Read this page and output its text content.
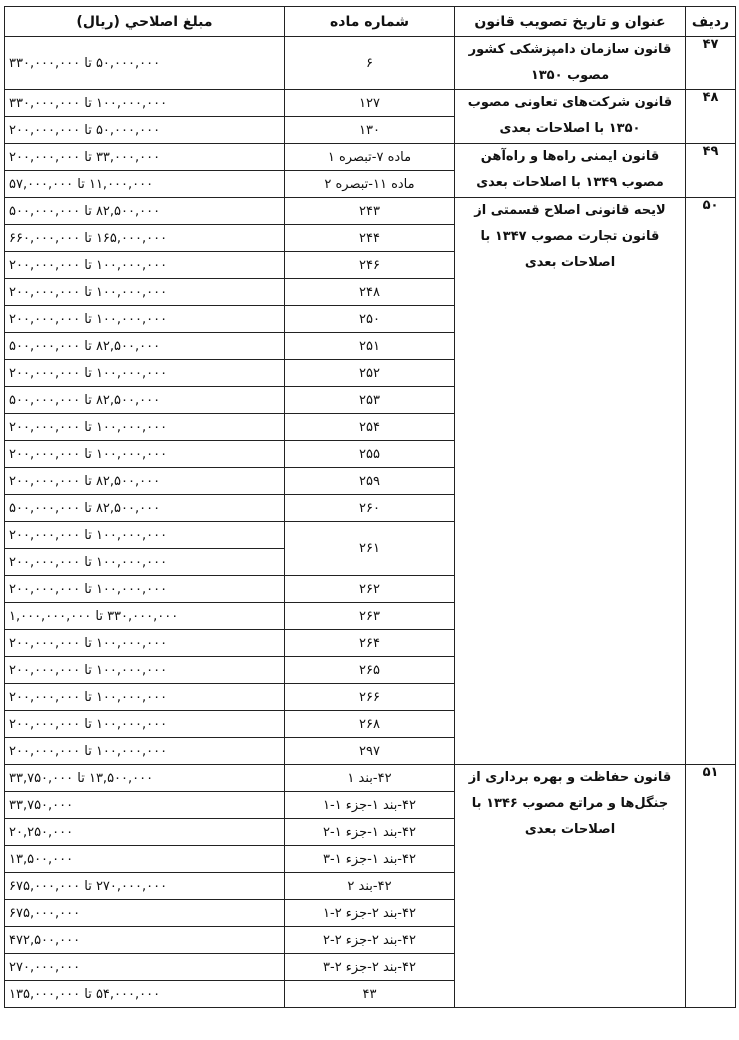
ردیف	عنوان و تاریخ تصویب قانون	شماره ماده	مبلغ اصلاحي (ریال)
۴۷	قانون سازمان دامپزشکی کشور مصوب ۱۳۵۰	۶	۵۰,۰۰۰,۰۰۰ تا ۳۳۰,۰۰۰,۰۰۰
۴۸	قانون شرکت‌های تعاونی مصوب ۱۳۵۰ با اصلاحات بعدی	۱۲۷	۱۰۰,۰۰۰,۰۰۰ تا ۳۳۰,۰۰۰,۰۰۰
		۱۳۰	۵۰,۰۰۰,۰۰۰ تا ۲۰۰,۰۰۰,۰۰۰
۴۹	قانون ایمنی راه‌ها و راه‌آهن مصوب ۱۳۴۹ با اصلاحات بعدی	ماده ۷-تبصره ۱	۳۳,۰۰۰,۰۰۰ تا ۲۰۰,۰۰۰,۰۰۰
		ماده ۱۱-تبصره ۲	۱۱,۰۰۰,۰۰۰ تا ۵۷,۰۰۰,۰۰۰
۵۰	لایحه قانونی اصلاح قسمتی از قانون تجارت مصوب ۱۳۴۷ با اصلاحات بعدی	۲۴۳	۸۲,۵۰۰,۰۰۰ تا ۵۰۰,۰۰۰,۰۰۰
		۲۴۴	۱۶۵,۰۰۰,۰۰۰ تا ۶۶۰,۰۰۰,۰۰۰
		۲۴۶	۱۰۰,۰۰۰,۰۰۰ تا ۲۰۰,۰۰۰,۰۰۰
		۲۴۸	۱۰۰,۰۰۰,۰۰۰ تا ۲۰۰,۰۰۰,۰۰۰
		۲۵۰	۱۰۰,۰۰۰,۰۰۰ تا ۲۰۰,۰۰۰,۰۰۰
		۲۵۱	۸۲,۵۰۰,۰۰۰ تا ۵۰۰,۰۰۰,۰۰۰
		۲۵۲	۱۰۰,۰۰۰,۰۰۰ تا ۲۰۰,۰۰۰,۰۰۰
		۲۵۳	۸۲,۵۰۰,۰۰۰ تا ۵۰۰,۰۰۰,۰۰۰
		۲۵۴	۱۰۰,۰۰۰,۰۰۰ تا ۲۰۰,۰۰۰,۰۰۰
		۲۵۵	۱۰۰,۰۰۰,۰۰۰ تا ۲۰۰,۰۰۰,۰۰۰
		۲۵۹	۸۲,۵۰۰,۰۰۰ تا ۲۰۰,۰۰۰,۰۰۰
		۲۶۰	۸۲,۵۰۰,۰۰۰ تا ۵۰۰,۰۰۰,۰۰۰
		۲۶۱	۱۰۰,۰۰۰,۰۰۰ تا ۲۰۰,۰۰۰,۰۰۰
			۱۰۰,۰۰۰,۰۰۰ تا ۲۰۰,۰۰۰,۰۰۰
		۲۶۲	۱۰۰,۰۰۰,۰۰۰ تا ۲۰۰,۰۰۰,۰۰۰
		۲۶۳	۳۳۰,۰۰۰,۰۰۰ تا ۱,۰۰۰,۰۰۰,۰۰۰
		۲۶۴	۱۰۰,۰۰۰,۰۰۰ تا ۲۰۰,۰۰۰,۰۰۰
		۲۶۵	۱۰۰,۰۰۰,۰۰۰ تا ۲۰۰,۰۰۰,۰۰۰
		۲۶۶	۱۰۰,۰۰۰,۰۰۰ تا ۲۰۰,۰۰۰,۰۰۰
		۲۶۸	۱۰۰,۰۰۰,۰۰۰ تا ۲۰۰,۰۰۰,۰۰۰
		۲۹۷	۱۰۰,۰۰۰,۰۰۰ تا ۲۰۰,۰۰۰,۰۰۰
۵۱	قانون حفاظت و بهره برداری از جنگل‌ها و مراتع مصوب ۱۳۴۶ با اصلاحات بعدی	۴۲-بند ۱	۱۳,۵۰۰,۰۰۰ تا ۳۳,۷۵۰,۰۰۰
		۴۲-بند ۱-جزء ۱-۱	۳۳,۷۵۰,۰۰۰
		۴۲-بند ۱-جزء ۱-۲	۲۰,۲۵۰,۰۰۰
		۴۲-بند ۱-جزء ۱-۳	۱۳,۵۰۰,۰۰۰
		۴۲-بند ۲	۲۷۰,۰۰۰,۰۰۰ تا ۶۷۵,۰۰۰,۰۰۰
		۴۲-بند ۲-جزء ۲-۱	۶۷۵,۰۰۰,۰۰۰
		۴۲-بند ۲-جزء ۲-۲	۴۷۲,۵۰۰,۰۰۰
		۴۲-بند ۲-جزء ۲-۳	۲۷۰,۰۰۰,۰۰۰
		۴۳	۵۴,۰۰۰,۰۰۰ تا ۱۳۵,۰۰۰,۰۰۰
